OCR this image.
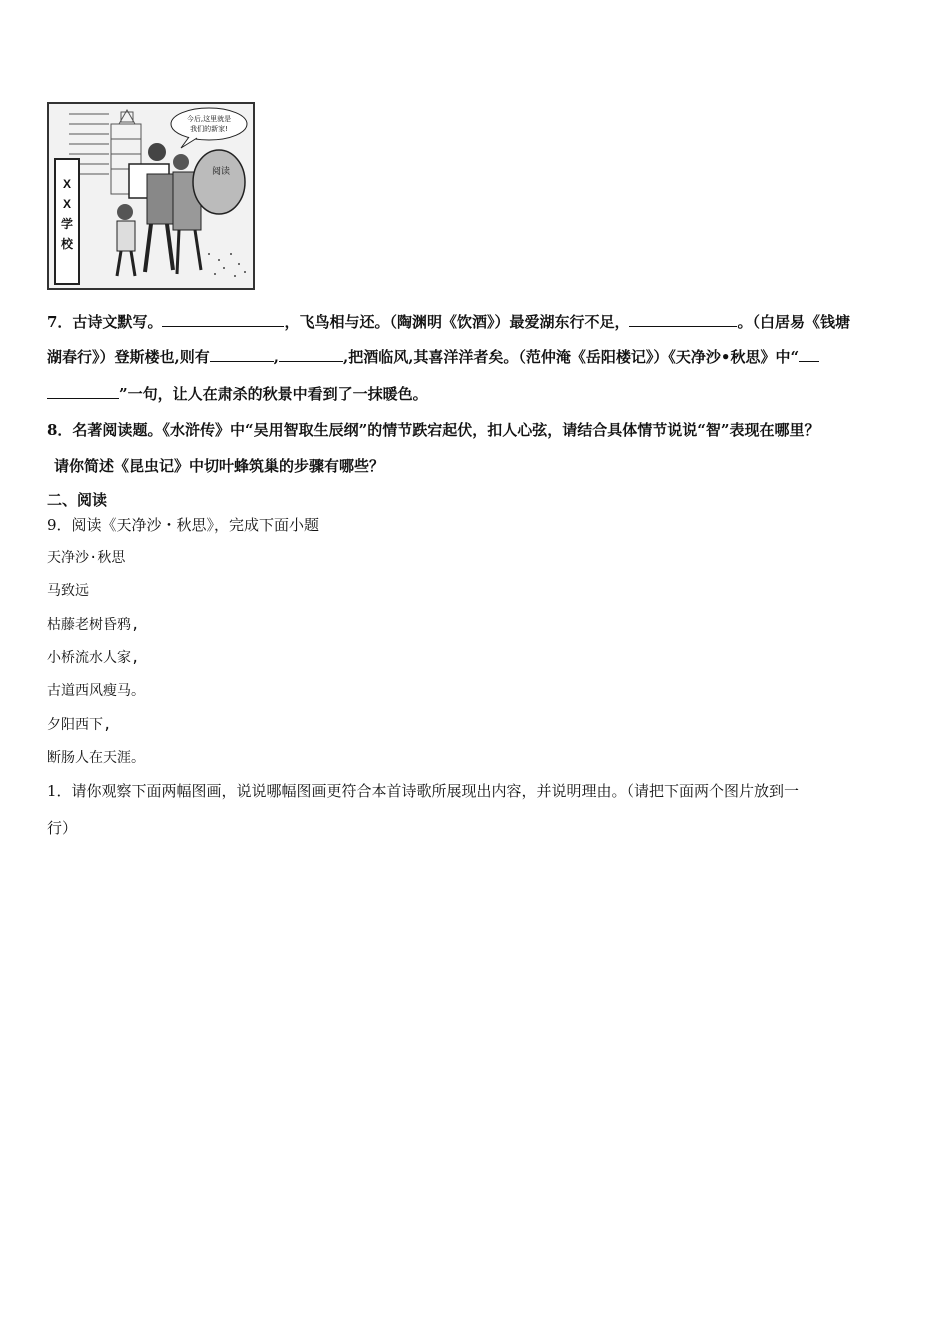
X
X
学
校
今后,这里就是
我们的新家!
阅读
7．古诗文默写。	，飞鸟相与还。（陶渊明《饮酒》）最爱湖东行不足，	。（白居易《钱塘
湖春行》）登斯楼也,则有	,	,把酒临风,其喜洋洋者矣。（范仲淹《岳阳楼记》）《天净沙•秋思》中“
”一句，让人在肃杀的秋景中看到了一抹暖色。
8．名著阅读题。《水浒传》中“吴用智取生辰纲”的情节跌宕起伏，扣人心弦，请结合具体情节说说“智”表现在哪里？
请你简述《昆虫记》中切叶蜂筑巢的步骤有哪些？
二、阅读
9．阅读《天净沙・秋思》，完成下面小题
天净沙·秋思
马致远
枯藤老树昏鸦,
小桥流水人家,
古道西风瘦马。
夕阳西下,
断肠人在天涯。
1．请你观察下面两幅图画，说说哪幅图画更符合本首诗歌所展现出内容，并说明理由。（请把下面两个图片放到一
行）
